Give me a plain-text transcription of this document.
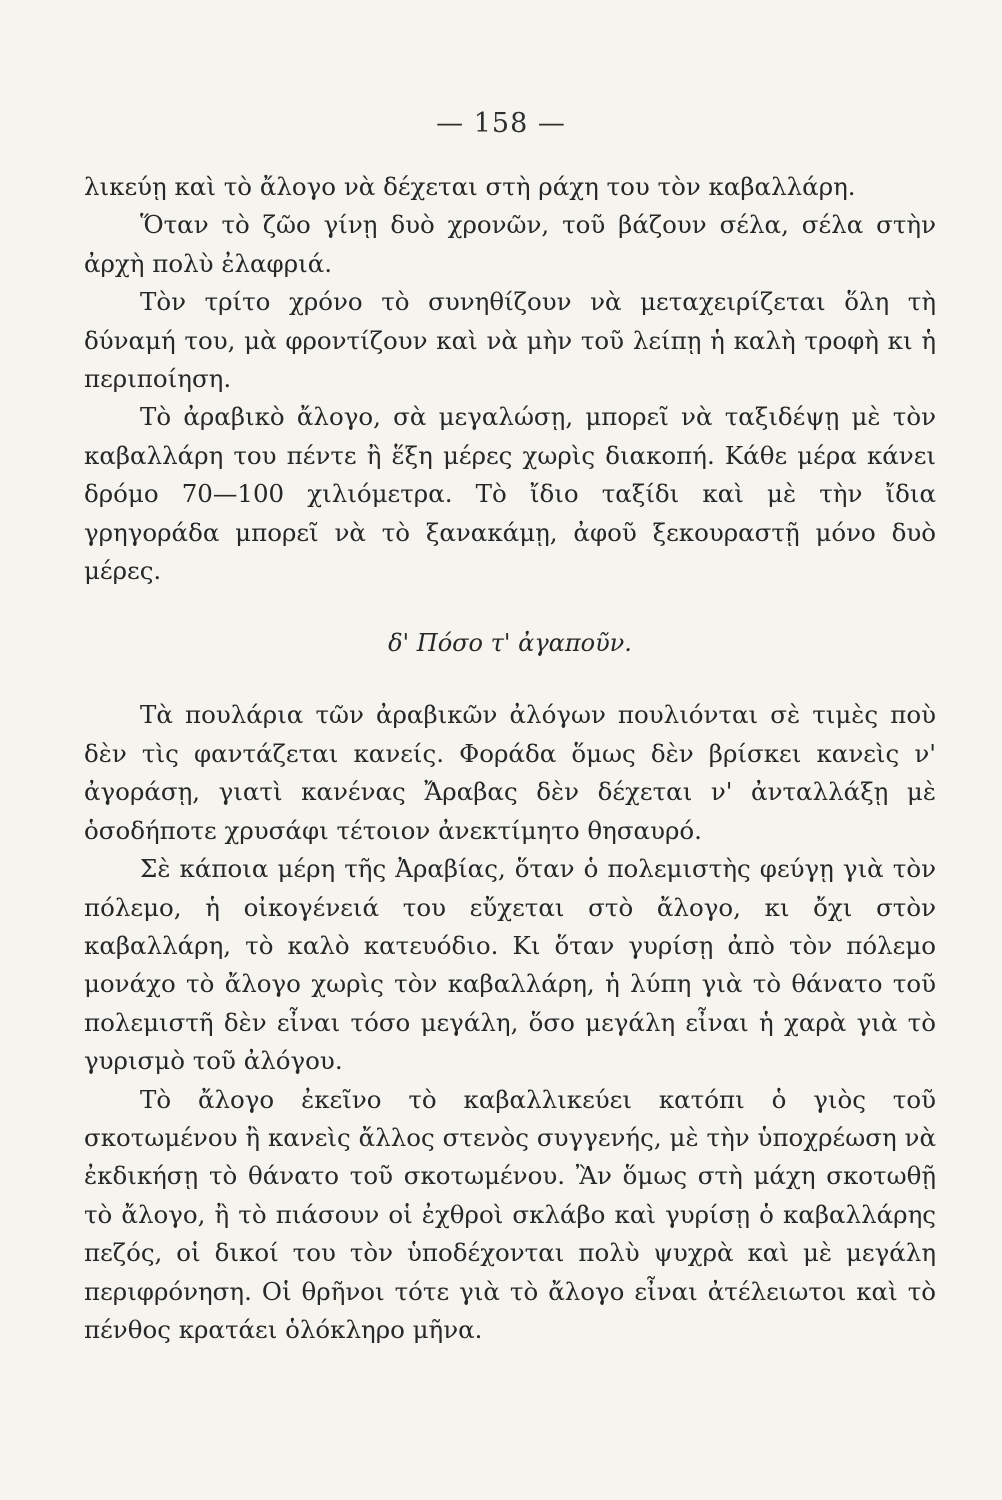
— 158 —

λικεύῃ καὶ τὸ ἄλογο νὰ δέχεται στὴ ράχη του τὸν καβαλλάρη.

Ὅταν τὸ ζῶο γίνῃ δυὸ χρονῶν, τοῦ βάζουν σέλα, σέλα στὴν ἀρχὴ πολὺ ἐλαφριά.

Τὸν τρίτο χρόνο τὸ συνηθίζουν νὰ μεταχειρίζεται ὅλη τὴ δύναμή του, μὰ φροντίζουν καὶ νὰ μὴν τοῦ λείπῃ ἡ καλὴ τροφὴ κι ἡ περιποίηση.

Τὸ ἀραβικὸ ἄλογο, σὰ μεγαλώσῃ, μπορεῖ νὰ ταξιδέψῃ μὲ τὸν καβαλλάρη του πέντε ἢ ἕξη μέρες χωρὶς διακοπή. Κάθε μέρα κάνει δρόμο 70—100 χιλιόμετρα. Τὸ ἴδιο ταξίδι καὶ μὲ τὴν ἴδια γρηγοράδα μπορεῖ νὰ τὸ ξανακάμῃ, ἀφοῦ ξεκουραστῇ μόνο δυὸ μέρες.

δ' Πόσο τ' ἀγαποῦν.

Τὰ πουλάρια τῶν ἀραβικῶν ἀλόγων πουλιόνται σὲ τιμὲς ποὺ δὲν τὶς φαντάζεται κανείς. Φοράδα ὅμως δὲν βρίσκει κανεὶς ν' ἀγοράσῃ, γιατὶ κανένας Ἄραβας δὲν δέχεται ν' ἀνταλλάξῃ μὲ ὁσοδήποτε χρυσάφι τέτοιον ἀνεκτίμητο θησαυρό.

Σὲ κάποια μέρη τῆς Ἀραβίας, ὅταν ὁ πολεμιστὴς φεύγῃ γιὰ τὸν πόλεμο, ἡ οἰκογένειά του εὔχεται στὸ ἄλογο, κι ὄχι στὸν καβαλλάρη, τὸ καλὸ κατευόδιο. Κι ὅταν γυρίσῃ ἀπὸ τὸν πόλεμο μονάχο τὸ ἄλογο χωρὶς τὸν καβαλλάρη, ἡ λύπη γιὰ τὸ θάνατο τοῦ πολεμιστῆ δὲν εἶναι τόσο μεγάλη, ὅσο μεγάλη εἶναι ἡ χαρὰ γιὰ τὸ γυρισμὸ τοῦ ἀλόγου.

Τὸ ἄλογο ἐκεῖνο τὸ καβαλλικεύει κατόπι ὁ γιὸς τοῦ σκοτωμένου ἢ κανεὶς ἄλλος στενὸς συγγενής, μὲ τὴν ὑποχρέωση νὰ ἐκδικήσῃ τὸ θάνατο τοῦ σκοτωμένου. Ἂν ὅμως στὴ μάχη σκοτωθῇ τὸ ἄλογο, ἢ τὸ πιάσουν οἱ ἐχθροὶ σκλάβο καὶ γυρίσῃ ὁ καβαλλάρης πεζός, οἱ δικοί του τὸν ὑποδέχονται πολὺ ψυχρὰ καὶ μὲ μεγάλη περιφρόνηση. Οἱ θρῆνοι τότε γιὰ τὸ ἄλογο εἶναι ἀτέλειωτοι καὶ τὸ πένθος κρατάει ὁλόκληρο μῆνα.
